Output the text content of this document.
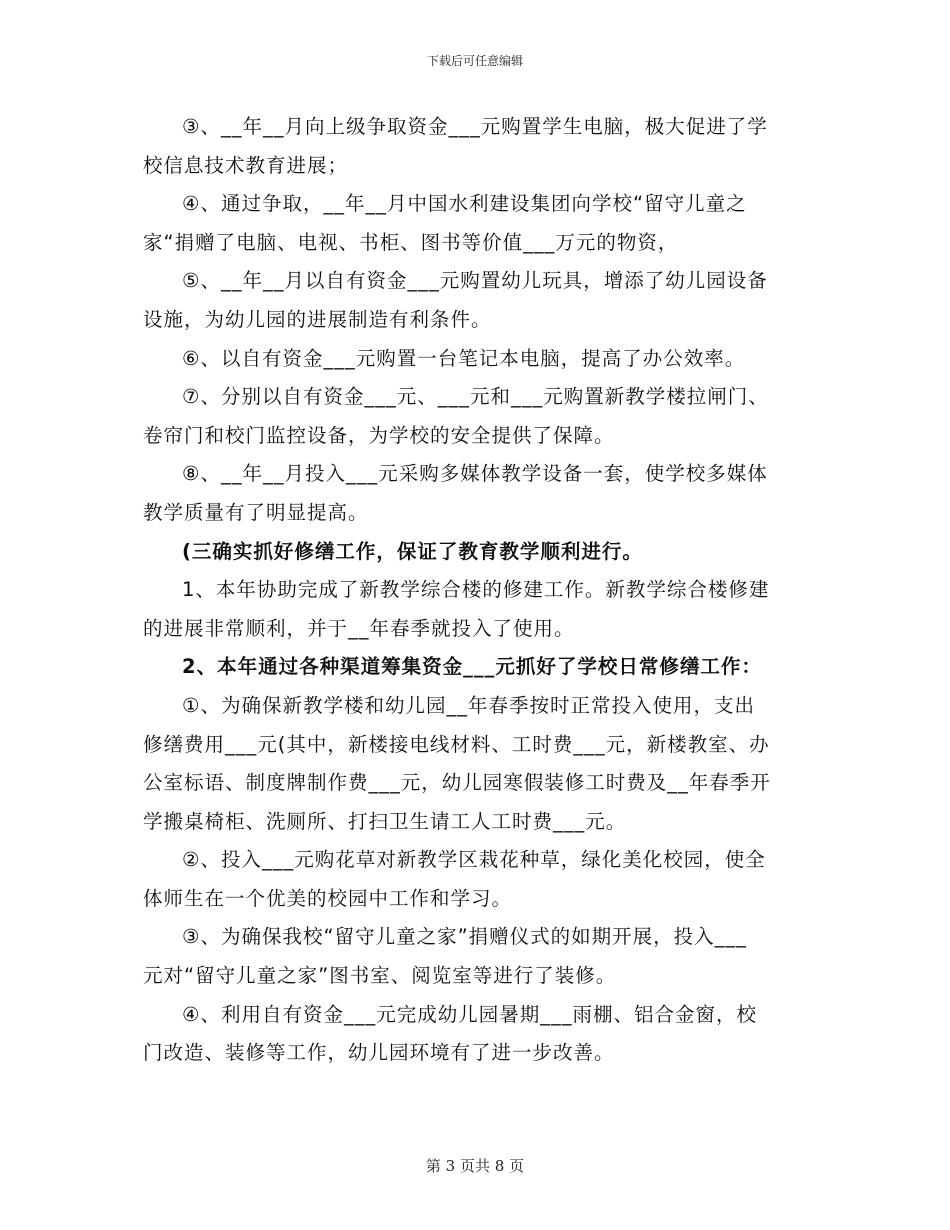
下载后可任意编辑

③、__年__月向上级争取资金___元购置学生电脑，极大促进了学
校信息技术教育进展；

④、通过争取，__年__月中国水利建设集团向学校“留守儿童之
家“捐赠了电脑、电视、书柜、图书等价值___万元的物资，

⑤、__年__月以自有资金___元购置幼儿玩具，增添了幼儿园设备
设施，为幼儿园的进展制造有利条件。

⑥、以自有资金___元购置一台笔记本电脑，提高了办公效率。

⑦、分别以自有资金___元、___元和___元购置新教学楼拉闸门、
卷帘门和校门监控设备，为学校的安全提供了保障。

⑧、__年__月投入___元采购多媒体教学设备一套，使学校多媒体
教学质量有了明显提高。

(三确实抓好修缮工作，保证了教育教学顺利进行。

1、本年协助完成了新教学综合楼的修建工作。新教学综合楼修建
的进展非常顺利，并于__年春季就投入了使用。

2、本年通过各种渠道筹集资金___元抓好了学校日常修缮工作：

①、为确保新教学楼和幼儿园__年春季按时正常投入使用，支出
修缮费用___元(其中，新楼接电线材料、工时费___元，新楼教室、办
公室标语、制度牌制作费___元，幼儿园寒假装修工时费及__年春季开
学搬桌椅柜、洗厕所、打扫卫生请工人工时费___元。

②、投入___元购花草对新教学区栽花种草，绿化美化校园，使全
体师生在一个优美的校园中工作和学习。

③、为确保我校“留守儿童之家”捐赠仪式的如期开展，投入___
元对“留守儿童之家”图书室、阅览室等进行了装修。

④、利用自有资金___元完成幼儿园暑期___雨棚、铝合金窗，校
门改造、装修等工作，幼儿园环境有了进一步改善。

第 3 页共 8 页
